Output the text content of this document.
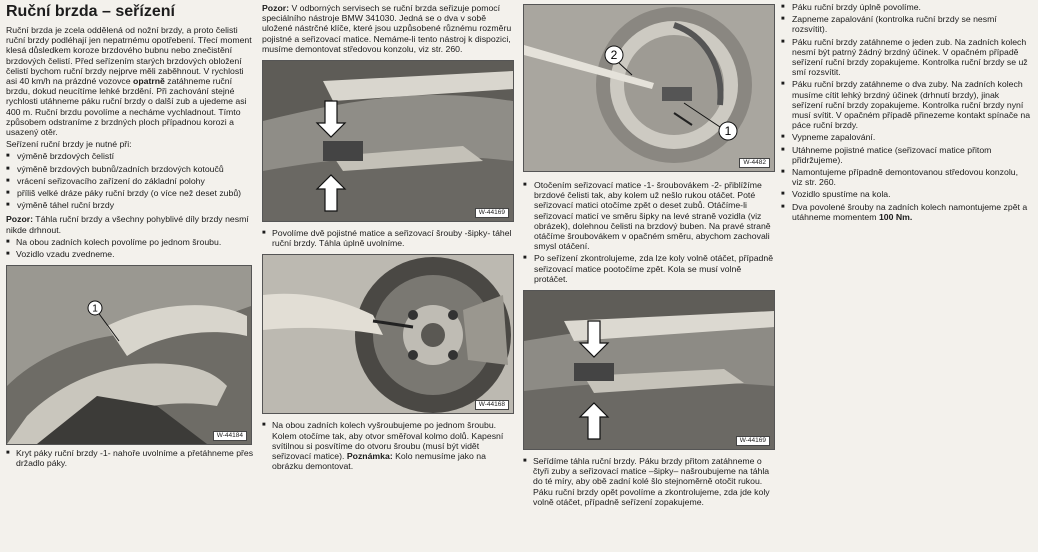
Ruční brzda – seřízení

Ruční brzda je zcela oddělená od nožní brzdy, a proto čelisti ruční brzdy podléhají jen nepatrnému opotřebení. Třecí moment klesá důsledkem koroze brzdového bubnu nebo znečistění brzdových čelistí. Před seřízením starých brzdových obložení čelistí bychom ruční brzdy nejprve měli zaběhnout. V rychlosti asi 40 km/h na prázdné vozovce opatrně zatáhneme ruční brzdu, dokud neucítíme lehké brzdění. Při zachování stejné rychlosti utáhneme páku ruční brzdy o další zub a ujedeme asi 400 m. Ruční brzdu povolíme a necháme vychladnout. Tímto způsobem odstraníme z brzdných ploch případnou korozi a usazený otěr.

Seřízení ruční brzdy je nutné při:

■ výměně brzdových čelistí
■ výměně brzdových bubnů/zadních brzdových kotoučů
■ vrácení seřizovacího zařízení do základní polohy
■ příliš velké dráze páky ruční brzdy (o více než deset zubů)
■ výměně táhel ruční brzdy

Pozor: Táhla ruční brzdy a všechny pohyblivé díly brzdy nesmí nikde drhnout.

■ Na obou zadních kolech povolíme po jednom šroubu.

■ Vozidlo vzadu zvedneme.

1
W-44184

■ Kryt páky ruční brzdy -1- nahoře uvolníme a přetáhneme přes držadlo páky.

Pozor: V odborných servisech se ruční brzda seřizuje pomocí speciálního nástroje BMW 341030. Jedná se o dva v sobě uložené nástrčné klíče, které jsou uzpůsobené různému rozměru pojistné a seřizovací matice. Nemáme-li tento nástroj k dispozici, musíme demontovat středovou konzolu, viz str. 260.

W-44169

■ Povolíme dvě pojistné matice a seřizovací šrouby -šipky- táhel ruční brzdy. Táhla úplně uvolníme.

W-44168

■ Na obou zadních kolech vyšroubujeme po jednom šroubu. Kolem otočíme tak, aby otvor směřoval kolmo dolů. Kapesní svítilnou si posvítíme do otvoru šroubu (musí být vidět seřizovací matice). Poznámka: Kolo nemusíme jako na obrázku demontovat.

2
1
W-4482
■ Otočením seřizovací matice -1- šroubovákem -2- přiblížíme brzdové čelisti tak, aby kolem už nešlo rukou otáčet. Poté seřizovací matici otočíme zpět o deset zubů. Otáčíme-li seřizovací maticí ve směru šipky na levé straně vozidla (viz obrázek), dolehnou čelisti na brzdový buben. Na pravé straně otáčíme šroubovákem v opačném směru, abychom zachovali smysl otáčení.
■ Po seřízení zkontrolujeme, zda lze koly volně otáčet, případně seřizovací matice pootočíme zpět. Kola se musí volně protáčet.
W-44169

■ Seřídíme táhla ruční brzdy. Páku brzdy přitom zatáhneme o čtyři zuby a seřizovací matice –šipky– našroubujeme na táhla do té míry, aby obě zadní kolé šlo stejnoměrně otočit rukou. Páku ruční brzdy opět povolíme a zkontrolujeme, zda jde koly volně otáčet, případně seřízení zopakujeme.

■ Páku ruční brzdy úplně povolíme.
■ Zapneme zapalování (kontrolka ruční brzdy se nesmí rozsvítit).
■ Páku ruční brzdy zatáhneme o jeden zub. Na zadních kolech nesmí být patrný žádný brzdný účinek. V opačném případě seřízení ruční brzdy zopakujeme. Kontrolka ruční brzdy se už smí rozsvítit.
■ Páku ruční brzdy zatáhneme o dva zuby. Na zadních kolech musíme cítit lehký brzdný účinek (drhnutí brzdy), jinak seřízení ruční brzdy zopakujeme. Kontrolka ruční brzdy nyní musí svítit. V opačném případě přinezeme kontakt spínače na páce ruční brzdy.
■ Vypneme zapalování.
■ Utáhneme pojistné matice (seřizovací matice přitom přidržujeme).
■ Namontujeme případně demontovanou středovou konzolu, viz str. 260.
■ Vozidlo spustíme na kola.
■ Dva povolené šrouby na zadních kolech namontujeme zpět a utáhneme momentem 100 Nm.
